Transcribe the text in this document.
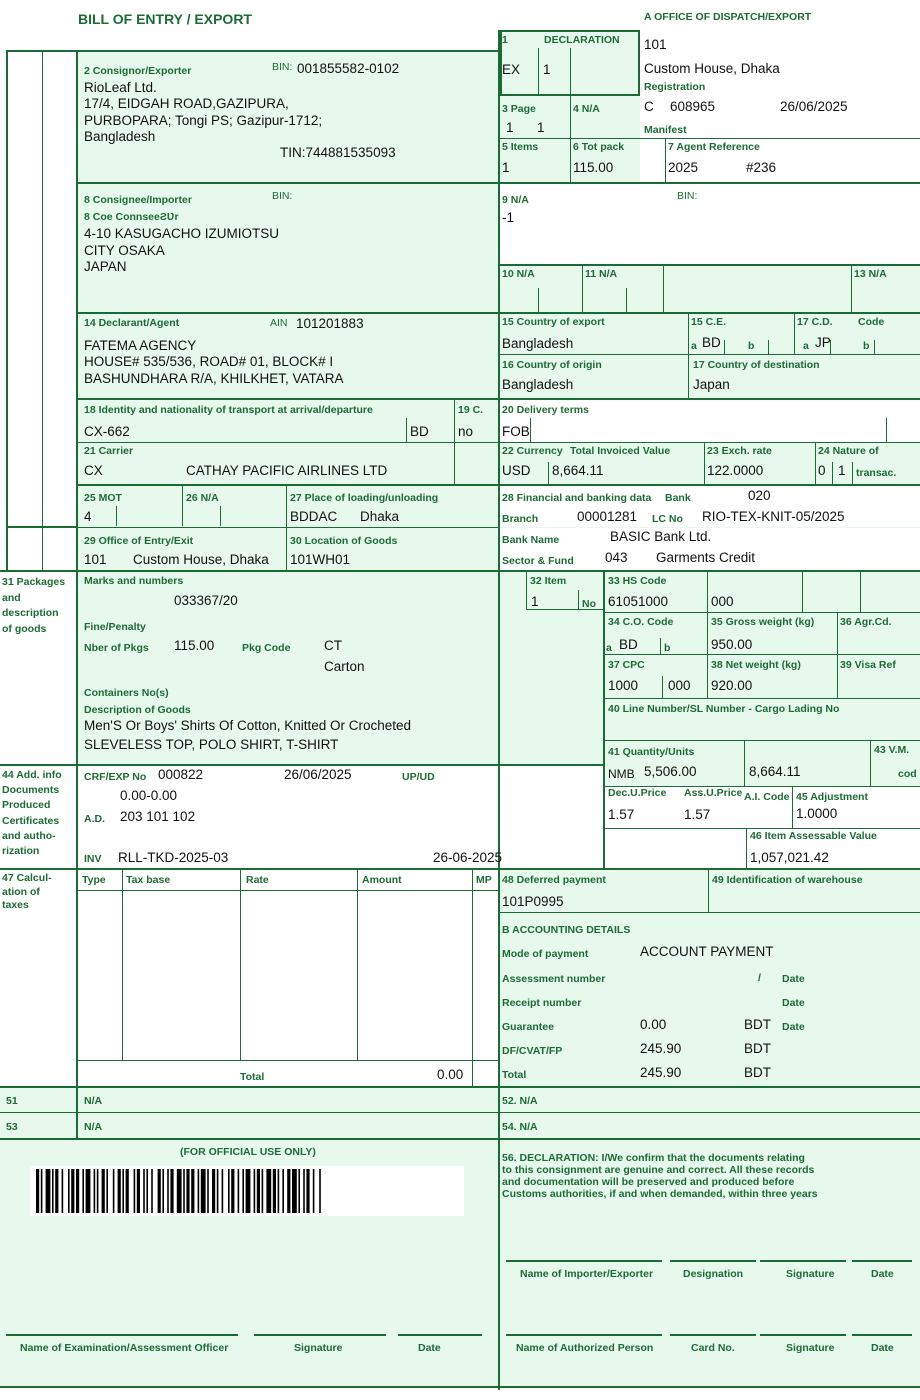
BILL OF ENTRY / EXPORT	A OFFICE OF DISPATCH/EXPORT
101
Custom House, Dhaka
Registration
C 608965	26/06/2025
Manifest
1	DECLARATION
EX 1
3 Page
1 1
4 N/A
5 Items
1
6 Tot pack
115.00
7 Agent Reference
2025	#236
2 Consignor/Exporter	BIN: 001855582-0102
RioLeaf Ltd.
17/4, EIDGAH ROAD,GAZIPURA,
PURBOPARA; Tongi PS; Gazipur-1712;
Bangladesh
TIN:744881535093
8 Consignee/Importer	BIN:
8 Coe ConnseeƧƲr
4-10 KASUGACHO IZUMIOTSU
CITY OSAKA
JAPAN
9 N/A
-1
BIN:
10 N/A	11 N/A	13 N/A
14 Declarant/Agent	AIN 101201883
FATEMA AGENCY
HOUSE# 535/536, ROAD# 01, BLOCK# I
BASHUNDHARA R/A, KHILKHET, VATARA
15 Country of export
Bangladesh
15 C.E.
a BD	b
17 C.D. Code
a JP	b
16 Country of origin
Bangladesh
17 Country of destination
Japan
18 Identity and nationality of transport at arrival/departure
CX-662	BD
19 C.
no
20 Delivery terms
FOB
21 Carrier
CX	CATHAY PACIFIC AIRLINES LTD
22 Currency Total Invoiced Value
USD 8,664.11
23 Exch. rate
122.0000
24 Nature of
0 1 transac.
25 MOT
4
26 N/A	27 Place of loading/unloading
BDDAC Dhaka
28 Financial and banking data Bank	020
Branch	00001281 LC No RIO-TEX-KNIT-05/2025
Bank Name	BASIC Bank Ltd.
Sector & Fund 043 Garments Credit
29 Office of Entry/Exit
101 Custom House, Dhaka
30 Location of Goods
101WH01
31 Packages
and
description
of goods
Marks and numbers
033367/20
Fine/Penalty
Nber of Pkgs 115.00	Pkg Code CT
Carton
Containers No(s)
Description of Goods
Men'S Or Boys' Shirts Of Cotton, Knitted Or Crocheted
SLEVELESS TOP, POLO SHIRT, T-SHIRT
32 Item
1	No
33 HS Code
61051000	000
34 C.O. Code
a BD b
35 Gross weight (kg)
950.00
36 Agr.Cd.
37 CPC
1000 000
38 Net weight (kg)
920.00
39 Visa Ref
40 Line Number/SL Number - Cargo Lading No
41 Quantity/Units	43 V.M.
NMB 5,506.00	8,664.11	cod
44 Add. info
Documents
Produced
Certificates
and autho-
rization
CRF/EXP No 000822	26/06/2025	UP/UD
0.00-0.00
A.D. 203 101 102
INV RLL-TKD-2025-03	26-06-2025
Dec.U.Price
1.57
Ass.U.Price
1.57
A.I. Code 45 Adjustment
1.0000
46 Item Assessable Value
1,057,021.42
47 Calcul-
ation of
taxes
Type Tax base	Rate	Amount	MP
Total	0.00
48 Deferred payment
101P0995
49 Identification of warehouse
B ACCOUNTING DETAILS
Mode of payment	ACCOUNT PAYMENT
Assessment number	/ Date
Receipt number	Date
Guarantee	0.00	BDT Date
DF/CVAT/FP	245.90	BDT
Total	245.90	BDT
51	N/A	52. N/A
53	N/A	54. N/A
(FOR OFFICIAL USE ONLY)
Name of Examination/Assessment Officer	Signature	Date
56. DECLARATION: I/We confirm that the documents relating
to this consignment are genuine and correct. All these records
and documentation will be preserved and produced before
Customs authorities, if and when demanded, within three years
Name of Importer/Exporter	Designation	Signature	Date
Name of Authorized Person	Card No.	Signature	Date
